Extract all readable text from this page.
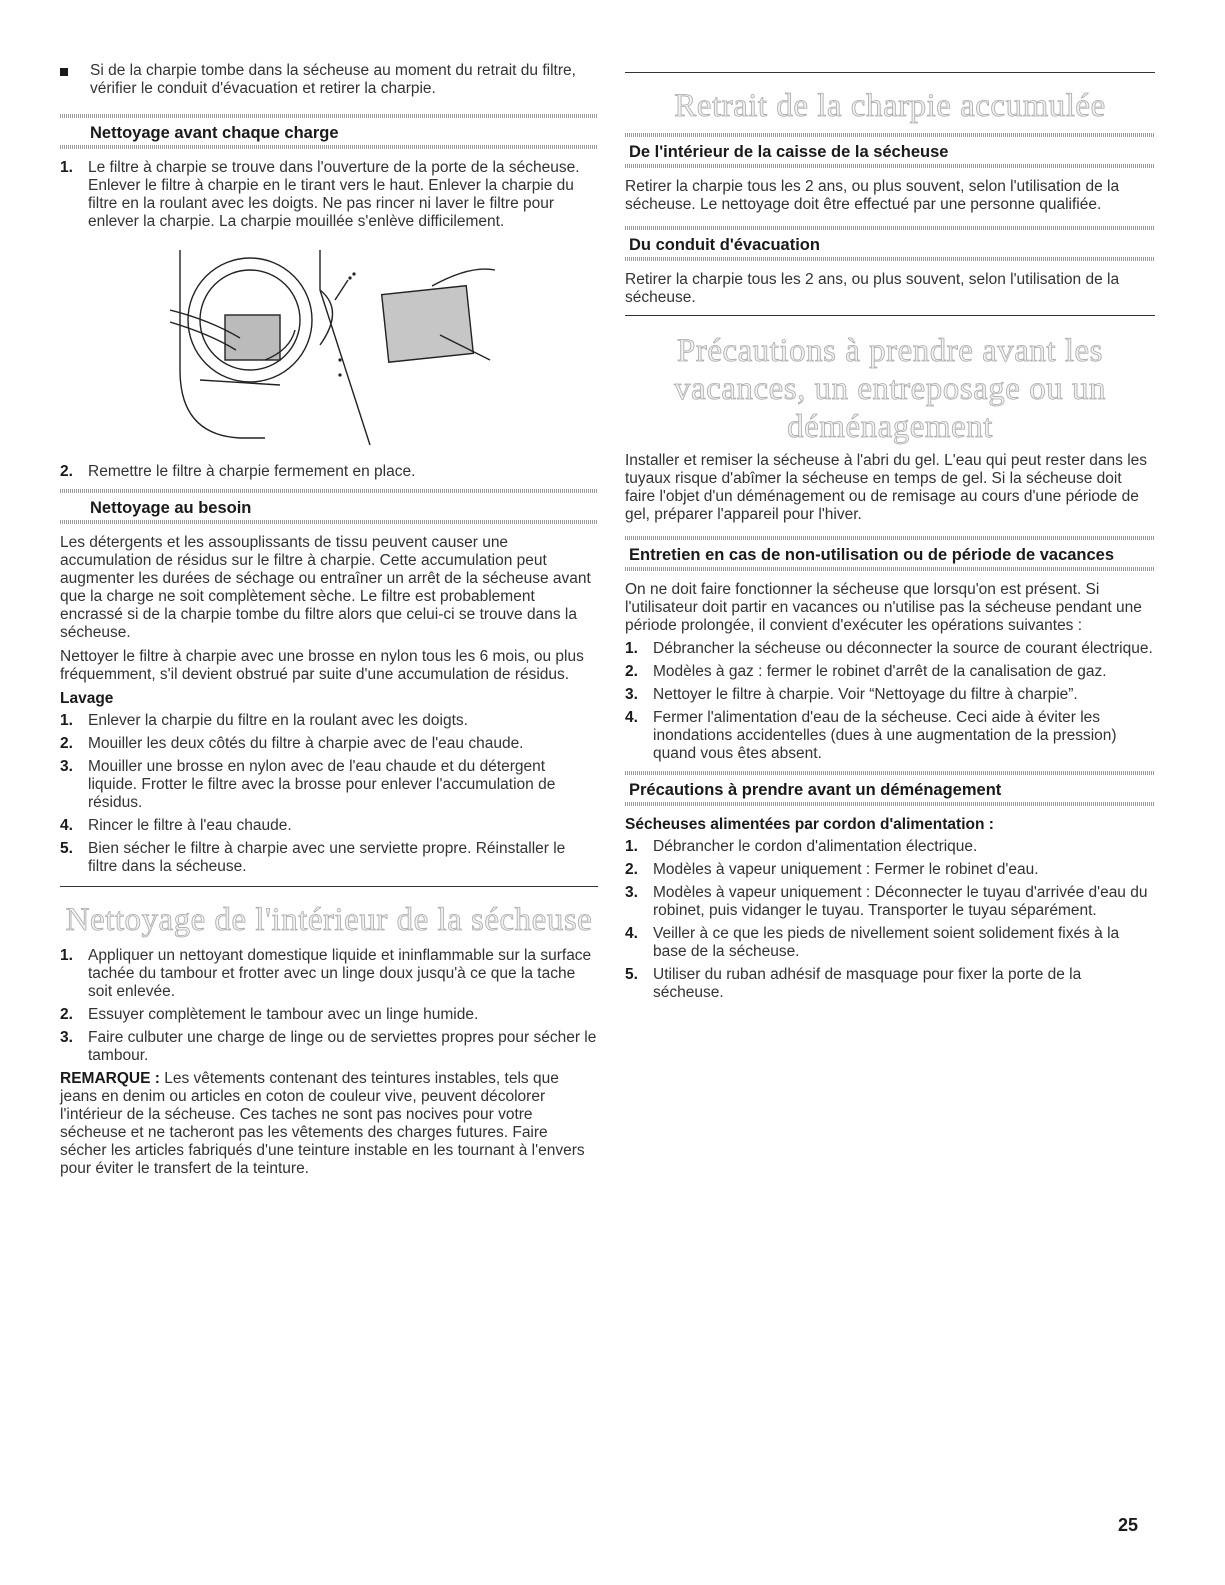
Si de la charpie tombe dans la sécheuse au moment du retrait du filtre, vérifier le conduit d'évacuation et retirer la charpie.
Nettoyage avant chaque charge
1. Le filtre à charpie se trouve dans l'ouverture de la porte de la sécheuse. Enlever le filtre à charpie en le tirant vers le haut. Enlever la charpie du filtre en la roulant avec les doigts. Ne pas rincer ni laver le filtre pour enlever la charpie. La charpie mouillée s'enlève difficilement.
2. Remettre le filtre à charpie fermement en place.
Nettoyage au besoin

Les détergents et les assouplissants de tissu peuvent causer une accumulation de résidus sur le filtre à charpie. Cette accumulation peut augmenter les durées de séchage ou entraîner un arrêt de la sécheuse avant que la charge ne soit complètement sèche. Le filtre est probablement encrassé si de la charpie tombe du filtre alors que celui-ci se trouve dans la sécheuse.

Nettoyer le filtre à charpie avec une brosse en nylon tous les 6 mois, ou plus fréquemment, s'il devient obstrué par suite d'une accumulation de résidus.

Lavage
1. Enlever la charpie du filtre en la roulant avec les doigts.
2. Mouiller les deux côtés du filtre à charpie avec de l'eau chaude.
3. Mouiller une brosse en nylon avec de l'eau chaude et du détergent liquide. Frotter le filtre avec la brosse pour enlever l'accumulation de résidus.
4. Rincer le filtre à l'eau chaude.
5. Bien sécher le filtre à charpie avec une serviette propre. Réinstaller le filtre dans la sécheuse.
Nettoyage de l'intérieur de la sécheuse
1. Appliquer un nettoyant domestique liquide et ininflammable sur la surface tachée du tambour et frotter avec un linge doux jusqu'à ce que la tache soit enlevée.
2. Essuyer complètement le tambour avec un linge humide.
3. Faire culbuter une charge de linge ou de serviettes propres pour sécher le tambour.

REMARQUE : Les vêtements contenant des teintures instables, tels que jeans en denim ou articles en coton de couleur vive, peuvent décolorer l'intérieur de la sécheuse. Ces taches ne sont pas nocives pour votre sécheuse et ne tacheront pas les vêtements des charges futures. Faire sécher les articles fabriqués d'une teinture instable en les tournant à l'envers pour éviter le transfert de la teinture.

Retrait de la charpie accumulée
De l'intérieur de la caisse de la sécheuse

Retirer la charpie tous les 2 ans, ou plus souvent, selon l'utilisation de la sécheuse. Le nettoyage doit être effectué par une personne qualifiée.

Du conduit d'évacuation

Retirer la charpie tous les 2 ans, ou plus souvent, selon l'utilisation de la sécheuse.

Précautions à prendre avant les vacances, un entreposage ou un déménagement

Installer et remiser la sécheuse à l'abri du gel. L'eau qui peut rester dans les tuyaux risque d'abîmer la sécheuse en temps de gel. Si la sécheuse doit faire l'objet d'un déménagement ou de remisage au cours d'une période de gel, préparer l'appareil pour l'hiver.

Entretien en cas de non-utilisation ou de période de vacances

On ne doit faire fonctionner la sécheuse que lorsqu'on est présent. Si l'utilisateur doit partir en vacances ou n'utilise pas la sécheuse pendant une période prolongée, il convient d'exécuter les opérations suivantes :

1. Débrancher la sécheuse ou déconnecter la source de courant électrique.
2. Modèles à gaz : fermer le robinet d'arrêt de la canalisation de gaz.
3. Nettoyer le filtre à charpie. Voir “Nettoyage du filtre à charpie”.
4. Fermer l'alimentation d'eau de la sécheuse. Ceci aide à éviter les inondations accidentelles (dues à une augmentation de la pression) quand vous êtes absent.
Précautions à prendre avant un déménagement
Sécheuses alimentées par cordon d'alimentation :
1. Débrancher le cordon d'alimentation électrique.
2. Modèles à vapeur uniquement : Fermer le robinet d'eau.
3. Modèles à vapeur uniquement : Déconnecter le tuyau d'arrivée d'eau du robinet, puis vidanger le tuyau. Transporter le tuyau séparément.
4. Veiller à ce que les pieds de nivellement soient solidement fixés à la base de la sécheuse.
5. Utiliser du ruban adhésif de masquage pour fixer la porte de la sécheuse.
25
